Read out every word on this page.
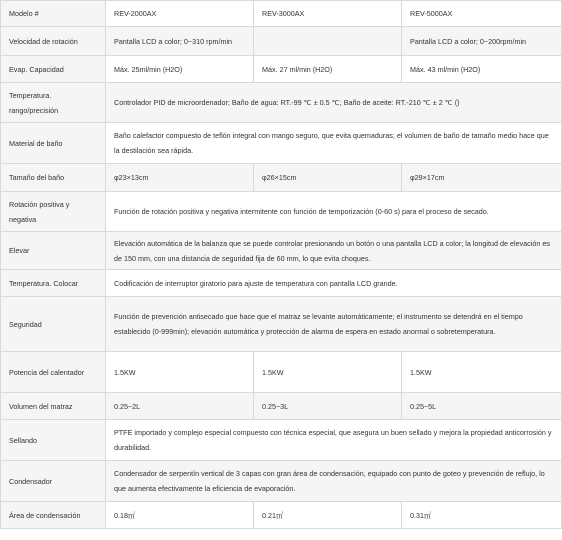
Modelo #	REV-2000AX	REV-3000AX	REV-5000AX
Velocidad de rotación	Pantalla LCD a color; 0~310 rpm/min		Pantalla LCD a color; 0~200rpm/min
Evap. Capacidad	Máx. 25ml/min (H2O)	Máx. 27 ml/min (H2O)	Máx. 43 ml/min (H2O)
Temperatura. rango/precisión	Controlador PID de microordenador; Baño de agua: RT.-99 ℃ ± 0.5 ℃; Baño de aceite: RT.-210 ℃ ± 2 ℃ ()		
Material de baño	Baño calefactor compuesto de teflón integral con mango seguro, que evita quemaduras; el volumen de baño de tamaño medio hace que la destilación sea rápida.		
Tamaño del baño	φ23×13cm	φ26×15cm	φ29×17cm
Rotación positiva y negativa	Función de rotación positiva y negativa intermitente con función de temporización (0-60 s) para el proceso de secado.		
Elevar	Elevación automática de la balanza que se puede controlar presionando un botón o una pantalla LCD a color; la longitud de elevación es de 150 mm, con una distancia de seguridad fija de 60 mm, lo que evita choques.		
Temperatura. Colocar	Codificación de interruptor giratorio para ajuste de temperatura con pantalla LCD grande.		
Seguridad	Función de prevención antisecado que hace que el matraz se levante automáticamente; el instrumento se detendrá en el tiempo establecido (0-999min); elevación automática y protección de alarma de espera en estado anormal o sobretemperatura.		
Potencia del calentador	1.5KW	1.5KW	1.5KW
Volumen del matraz	0.25~2L	0.25~3L	0.25~5L
Sellando	PTFE importado y complejo especial compuesto con técnica especial, que asegura un buen sellado y mejora la propiedad anticorrosión y durabilidad.		
Condensador	Condensador de serpentín vertical de 3 capas con gran área de condensación, equipado con punto de goteo y prevención de reflujo, lo que aumenta efectivamente la eficiencia de evaporación.		
Área de condensación	0.18㎡	0.21㎡	0.31㎡
